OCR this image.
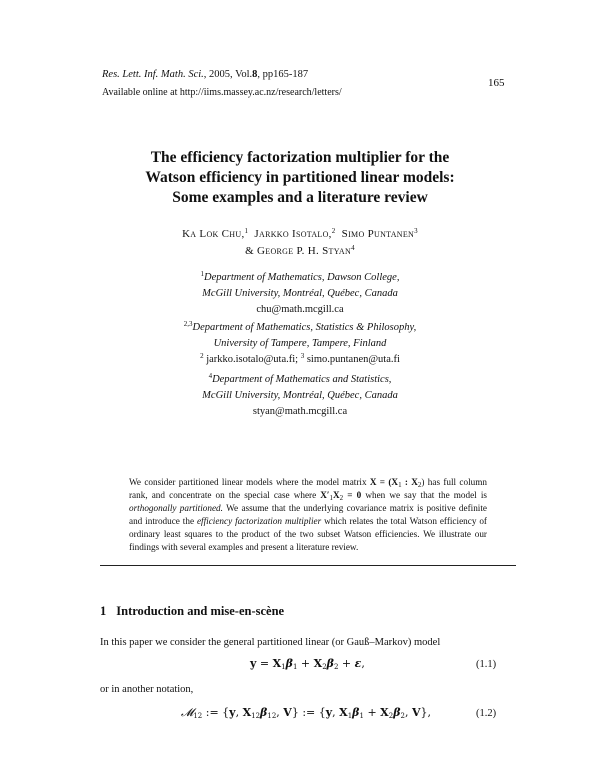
Res. Lett. Inf. Math. Sci., 2005, Vol.8, pp165-187
Available online at http://iims.massey.ac.nz/research/letters/
165
The efficiency factorization multiplier for the
Watson efficiency in partitioned linear models:
Some examples and a literature review
Ka Lok Chu,$^1$ Jarkko Isotalo,$^2$ Simo Puntanen$^3$
& George P. H. Styan$^4$
$^1$Department of Mathematics, Dawson College,
McGill University, Montréal, Québec, Canada
chu@math.mcgill.ca
$^{2,3}$Department of Mathematics, Statistics & Philosophy,
University of Tampere, Tampere, Finland
$^2$ jarkko.isotalo@uta.fi; $^3$ simo.puntanen@uta.fi
$^4$Department of Mathematics and Statistics,
McGill University, Montréal, Québec, Canada
styan@math.mcgill.ca
We consider partitioned linear models where the model matrix $X = (X_1$ : $X_2$) has full column rank, and concentrate on the special case where $X'_1X_2 = 0$ when we say that the model is orthogonally partitioned. We assume that the underlying covariance matrix is positive definite and introduce the efficiency factorization multiplier which relates the total Watson efficiency of ordinary least squares to the product of the two subset Watson efficiencies. We illustrate our findings with several examples and present a literature review.
1 Introduction and mise-en-scène
In this paper we consider the general partitioned linear (or Gauß–Markov) model
$y = X_1\beta_1 + X_2\beta_2 + \varepsilon$,	(1.1)
or in another notation,
𝓜$_{12}$ := {y, $X_{12}\beta_{12}$, V} := {y, $X_1\beta_1 + X_2\beta_2$, V},	(1.2)
